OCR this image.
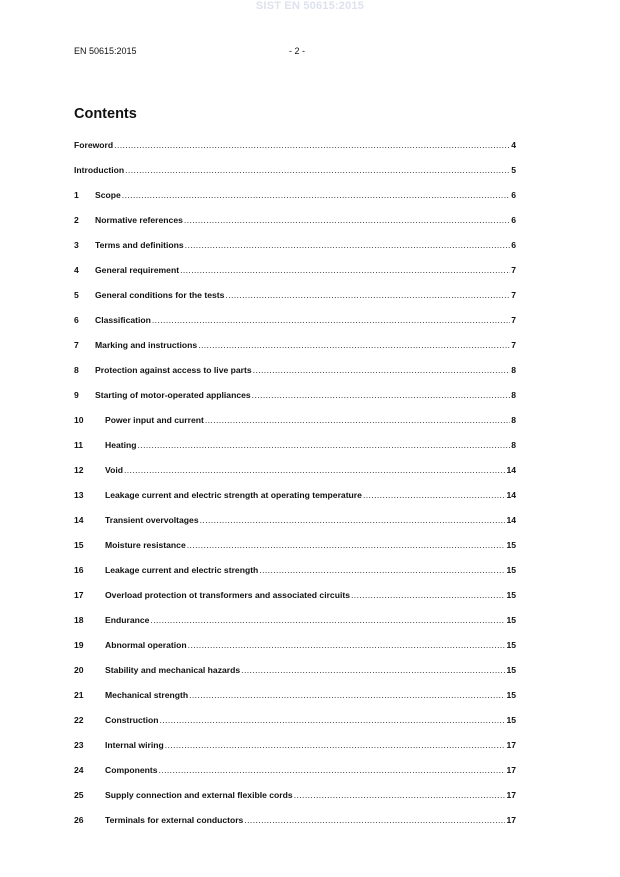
SIST EN 50615:2015
EN 50615:2015	- 2 -
Contents
Foreword .....	4
Introduction .....	5
1	Scope .....	6
2	Normative references .....	6
3	Terms and definitions .....	6
4	General requirement .....	7
5	General conditions for the tests .....	7
6	Classification .....	7
7	Marking and instructions .....	7
8	Protection against access to live parts .....	8
9	Starting of motor-operated appliances .....	8
10	Power input and current .....	8
11	Heating .....	8
12	Void .....	14
13	Leakage current and electric strength at operating temperature .....	14
14	Transient overvoltages .....	14
15	Moisture resistance .....	15
16	Leakage current and electric strength .....	15
17	Overload protection ot transformers and associated circuits .....	15
18	Endurance .....	15
19	Abnormal operation .....	15
20	Stability and mechanical hazards .....	15
21	Mechanical strength .....	15
22	Construction .....	15
23	Internal wiring .....	17
24	Components .....	17
25	Supply connection and external flexible cords .....	17
26	Terminals for external conductors .....	17
